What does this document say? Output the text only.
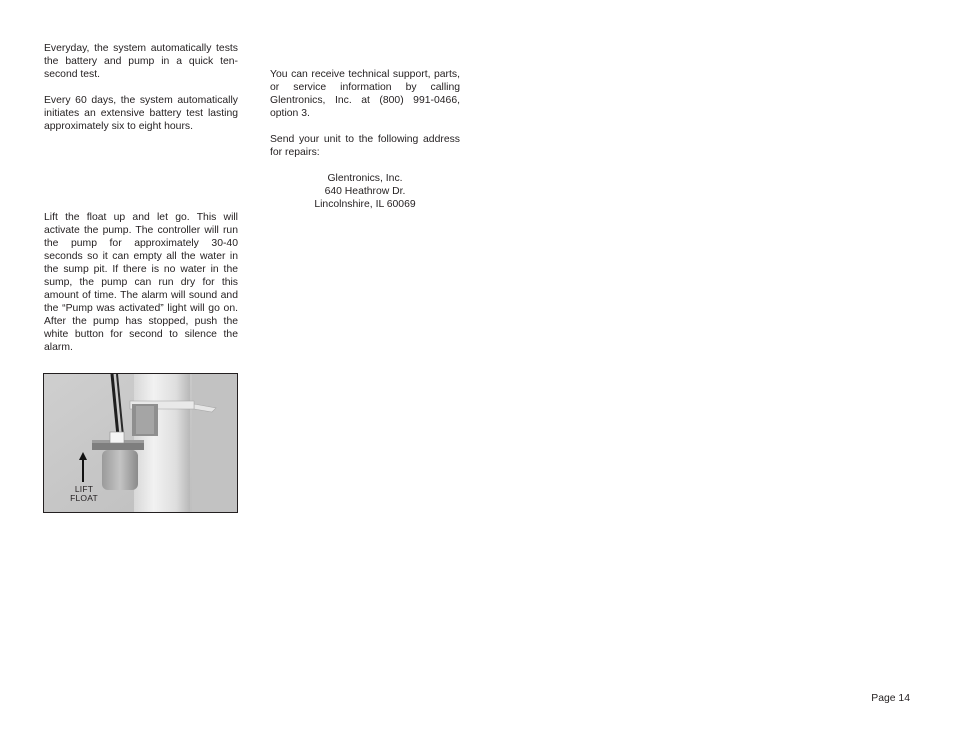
Everyday, the system automatically tests the battery and pump in a quick ten-second test.

Every 60 days, the system automatically initiates an extensive battery test lasting approximately six to eight hours.

Lift the float up and let go. This will activate the pump. The controller will run the pump for approximately 30-40 seconds so it can empty all the water in the sump pit. If there is no water in the sump, the pump can run dry for this amount of time. The alarm will sound and the “Pump was activated” light will go on. After the pump has stopped, push the white button for second to silence the alarm.

LIFT
FLOAT

You can receive technical support, parts, or service information by calling Glentronics, Inc. at (800) 991-0466, option 3.

Send your unit to the following address for repairs:

Glentronics, Inc.
640 Heathrow Dr.
Lincolnshire, IL 60069
Page 14
